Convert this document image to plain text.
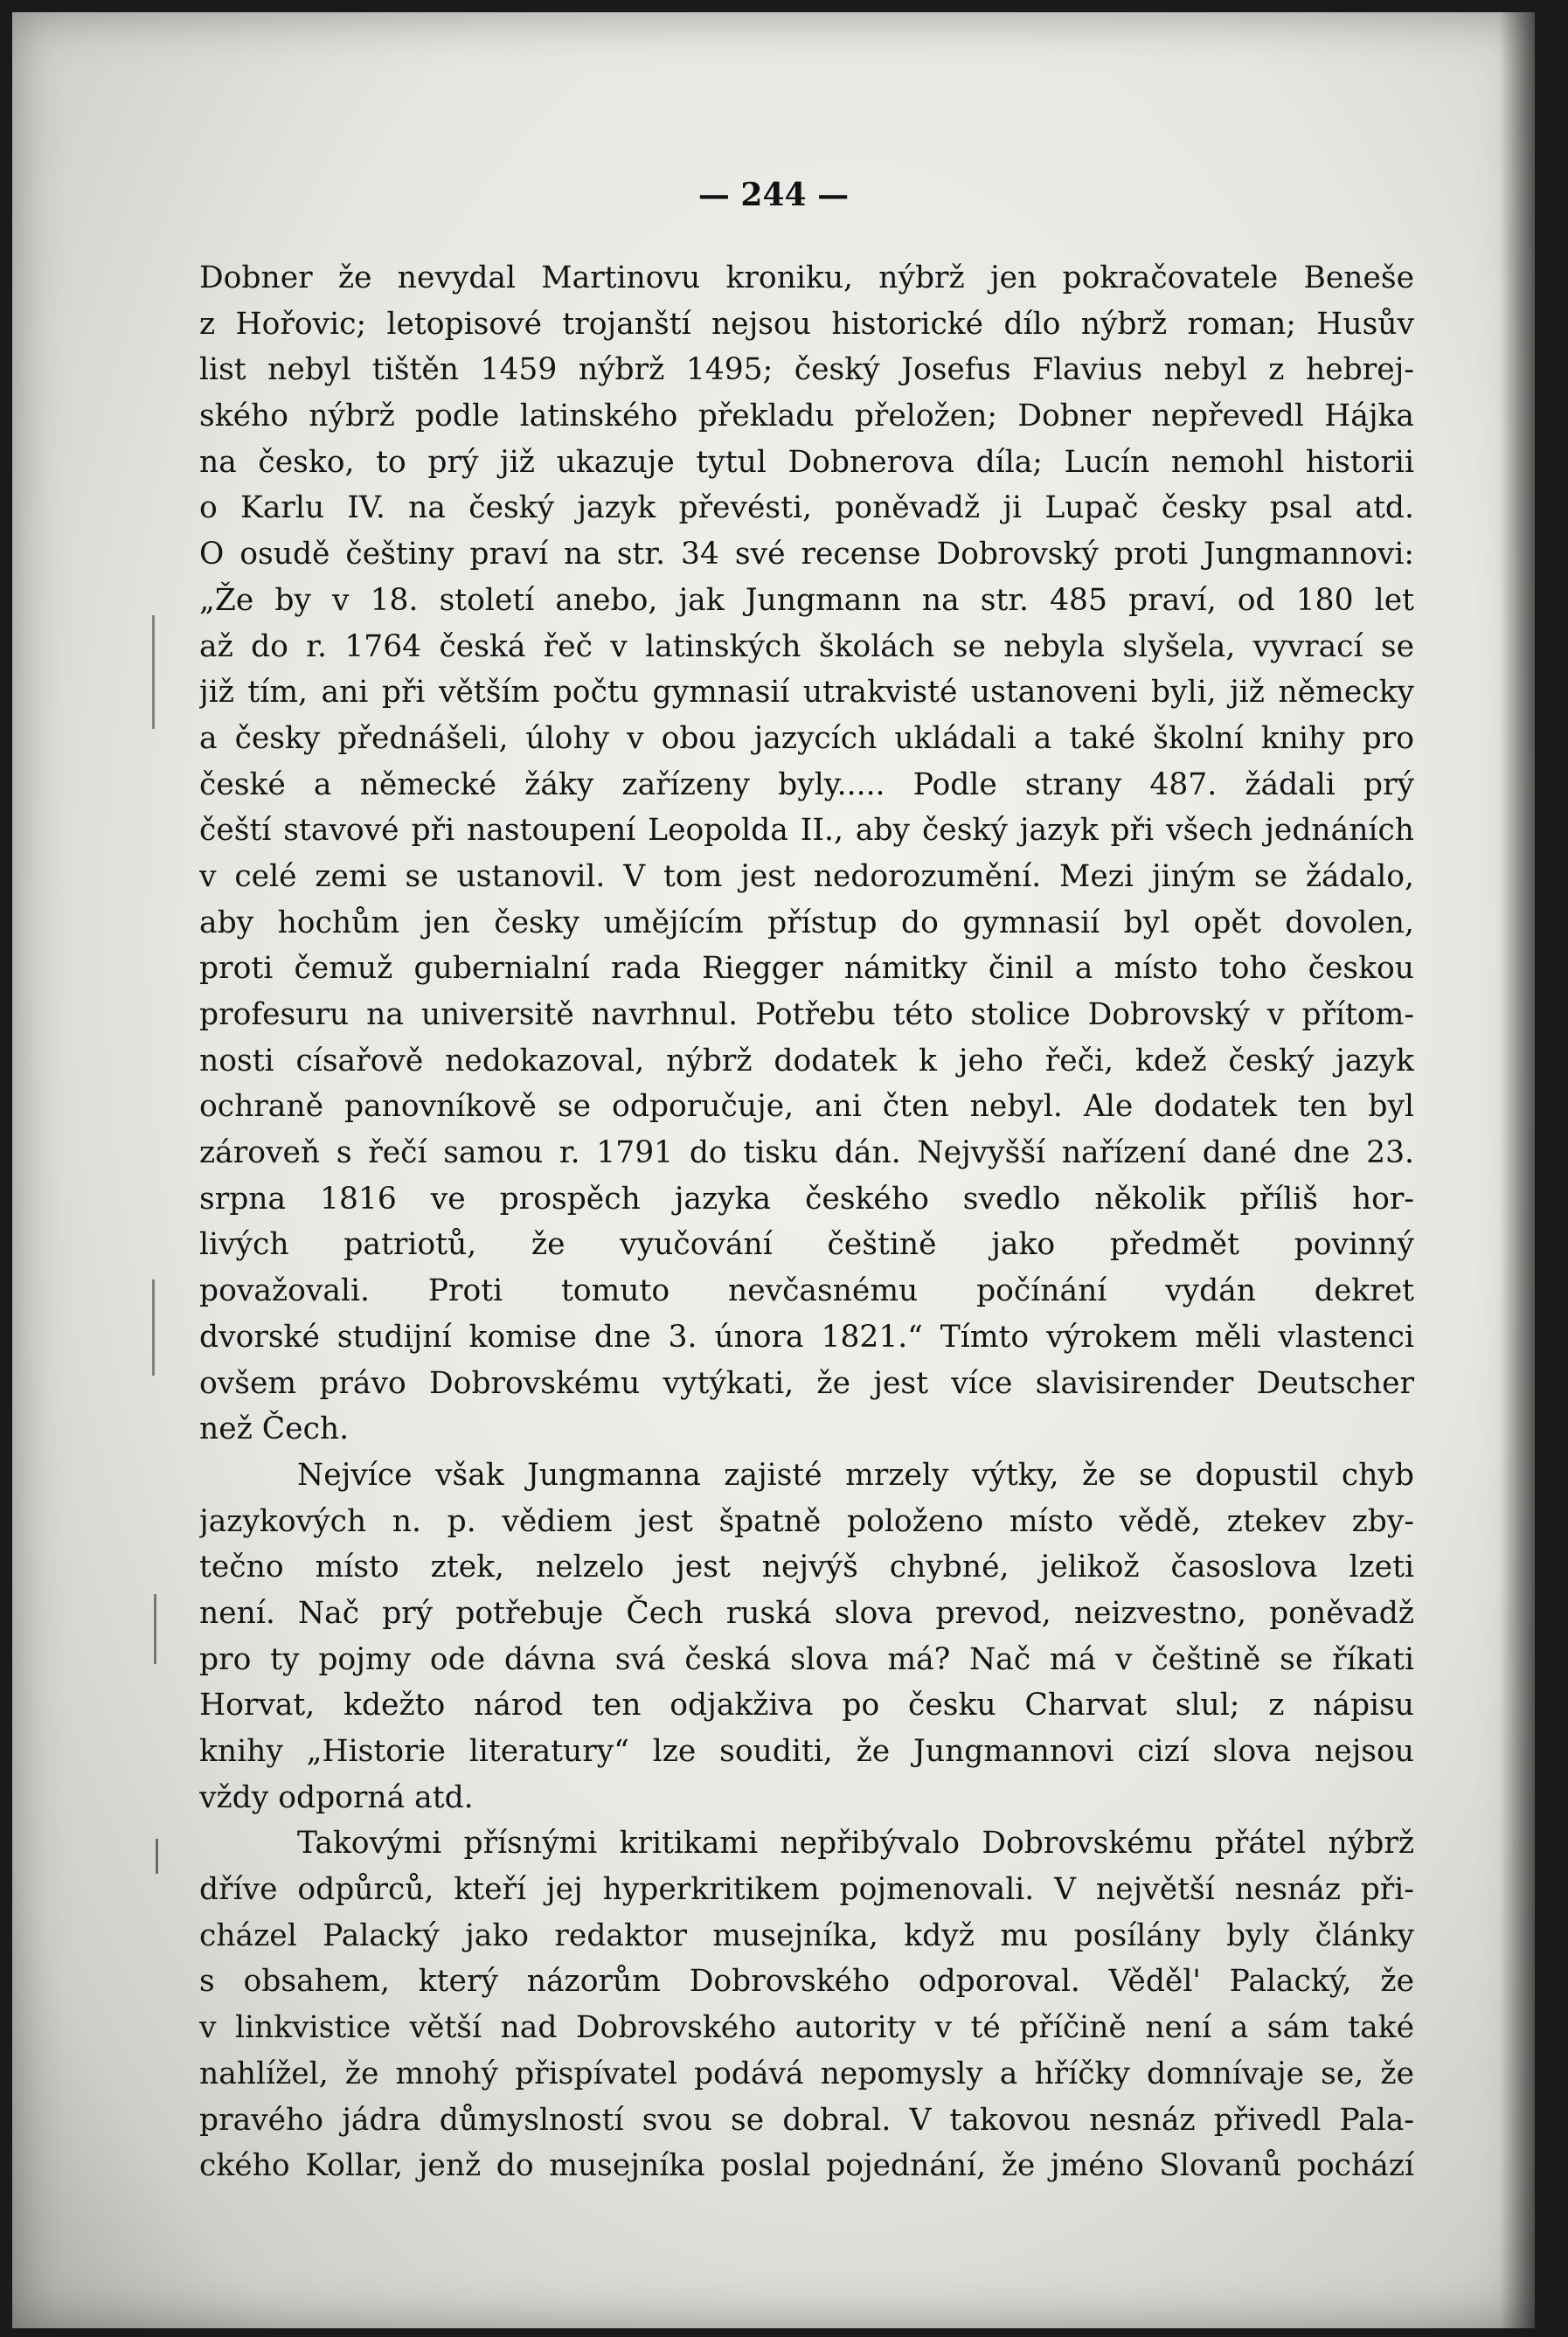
— 244 —
Dobner že nevydal Martinovu kroniku, nýbrž jen pokračovatele Beneše
z Hořovic; letopisové trojanští nejsou historické dílo nýbrž roman; Husův
list nebyl tištěn 1459 nýbrž 1495; český Josefus Flavius nebyl z hebrej-
ského nýbrž podle latinského překladu přeložen; Dobner nepřevedl Hájka
na česko, to prý již ukazuje tytul Dobnerova díla; Lucín nemohl historii
o Karlu IV. na český jazyk převésti, poněvadž ji Lupač česky psal atd.
O osudě češtiny praví na str. 34 své recense Dobrovský proti Jungmannovi:
„Že by v 18. století anebo, jak Jungmann na str. 485 praví, od 180 let
až do r. 1764 česká řeč v latinských školách se nebyla slyšela, vyvrací se
již tím, ani při větším počtu gymnasií utrakvisté ustanoveni byli, již německy
a česky přednášeli, úlohy v obou jazycích ukládali a také školní knihy pro
české a německé žáky zařízeny byly..... Podle strany 487. žádali prý
čeští stavové při nastoupení Leopolda II., aby český jazyk při všech jednáních
v celé zemi se ustanovil. V tom jest nedorozumění. Mezi jiným se žádalo,
aby hochům jen česky umějícím přístup do gymnasií byl opět dovolen,
proti čemuž gubernialní rada Riegger námitky činil a místo toho českou
profesuru na universitě navrhnul. Potřebu této stolice Dobrovský v přítom-
nosti císařově nedokazoval, nýbrž dodatek k jeho řeči, kdež český jazyk
ochraně panovníkově se odporučuje, ani čten nebyl. Ale dodatek ten byl
zároveň s řečí samou r. 1791 do tisku dán. Nejvyšší nařízení dané dne 23.
srpna 1816 ve prospěch jazyka českého svedlo několik příliš hor-
livých patriotů, že vyučování češtině jako předmět povinný
považovali. Proti tomuto nevčasnému počínání vydán dekret
dvorské studijní komise dne 3. února 1821.“ Tímto výrokem měli vlastenci
ovšem právo Dobrovskému vytýkati, že jest více slavisirender Deutscher
než Čech.
Nejvíce však Jungmanna zajisté mrzely výtky, že se dopustil chyb
jazykových n. p. vědiem jest špatně položeno místo vědě, ztekev zby-
tečno místo ztek, nelzelo jest nejvýš chybné, jelikož časoslova lzeti
není. Nač prý potřebuje Čech ruská slova prevod, neizvestno, poněvadž
pro ty pojmy ode dávna svá česká slova má? Nač má v češtině se říkati
Horvat, kdežto národ ten odjakživa po česku Charvat slul; z nápisu
knihy „Historie literatury“ lze souditi, že Jungmannovi cizí slova nejsou
vždy odporná atd.
Takovými přísnými kritikami nepřibývalo Dobrovskému přátel nýbrž
dříve odpůrců, kteří jej hyperkritikem pojmenovali. V největší nesnáz při-
cházel Palacký jako redaktor musejníka, když mu posílány byly články
s obsahem, který názorům Dobrovského odporoval. Věděl' Palacký, že
v linkvistice větší nad Dobrovského autority v té příčině není a sám také
nahlížel, že mnohý přispívatel podává nepomysly a hříčky domnívaje se, že
pravého jádra důmyslností svou se dobral. V takovou nesnáz přivedl Pala-
ckého Kollar, jenž do musejníka poslal pojednání, že jméno Slovanů pochází
